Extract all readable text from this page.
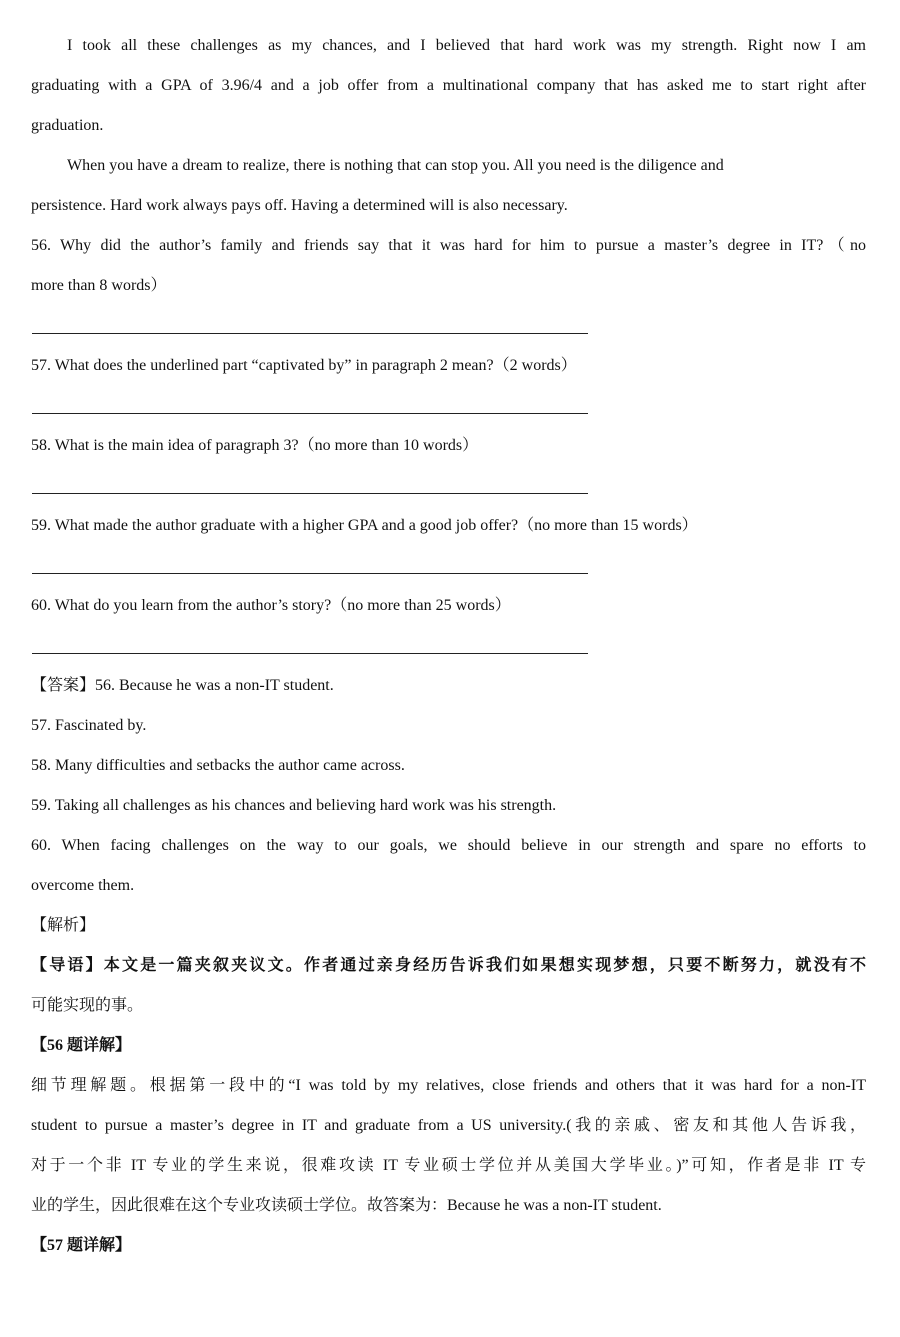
I took all these challenges as my chances, and I believed that hard work was my strength. Right now I am
graduating with a GPA of 3.96/4 and a job offer from a multinational company that has asked me to start right after
graduation.
When you have a dream to realize, there is nothing that can stop you. All you need is the diligence and
persistence. Hard work always pays off. Having a determined will is also necessary.
56. Why did the author’s family and friends say that it was hard for him to pursue a master’s degree in IT?（no
more than 8 words）
57. What does the underlined part “captivated by” in paragraph 2 mean?（2 words）
58. What is the main idea of paragraph 3?（no more than 10 words）
59. What made the author graduate with a higher GPA and a good job offer?（no more than 15 words）
60. What do you learn from the author’s story?（no more than 25 words）
【答案】56. Because he was a non-IT student.
57. Fascinated by.
58. Many difficulties and setbacks the author came across.
59. Taking all challenges as his chances and believing hard work was his strength.
60. When facing challenges on the way to our goals, we should believe in our strength and spare no efforts to
overcome them.
【解析】
【导语】本文是一篇夹叙夹议文。作者通过亲身经历告诉我们如果想实现梦想，只要不断努力，就没有不
可能实现的事。
【56 题详解】
细节理解题。根据第一段中的“I was told by my relatives, close friends and others that it was hard for a non-IT
student to pursue a master’s degree in IT and graduate from a US university.(我的亲戚、密友和其他人告诉我，
对于一个非 IT 专业的学生来说，很难攻读 IT 专业硕士学位并从美国大学毕业。)”可知，作者是非 IT 专
业的学生，因此很难在这个专业攻读硕士学位。故答案为：Because he was a non-IT student.
【57 题详解】
